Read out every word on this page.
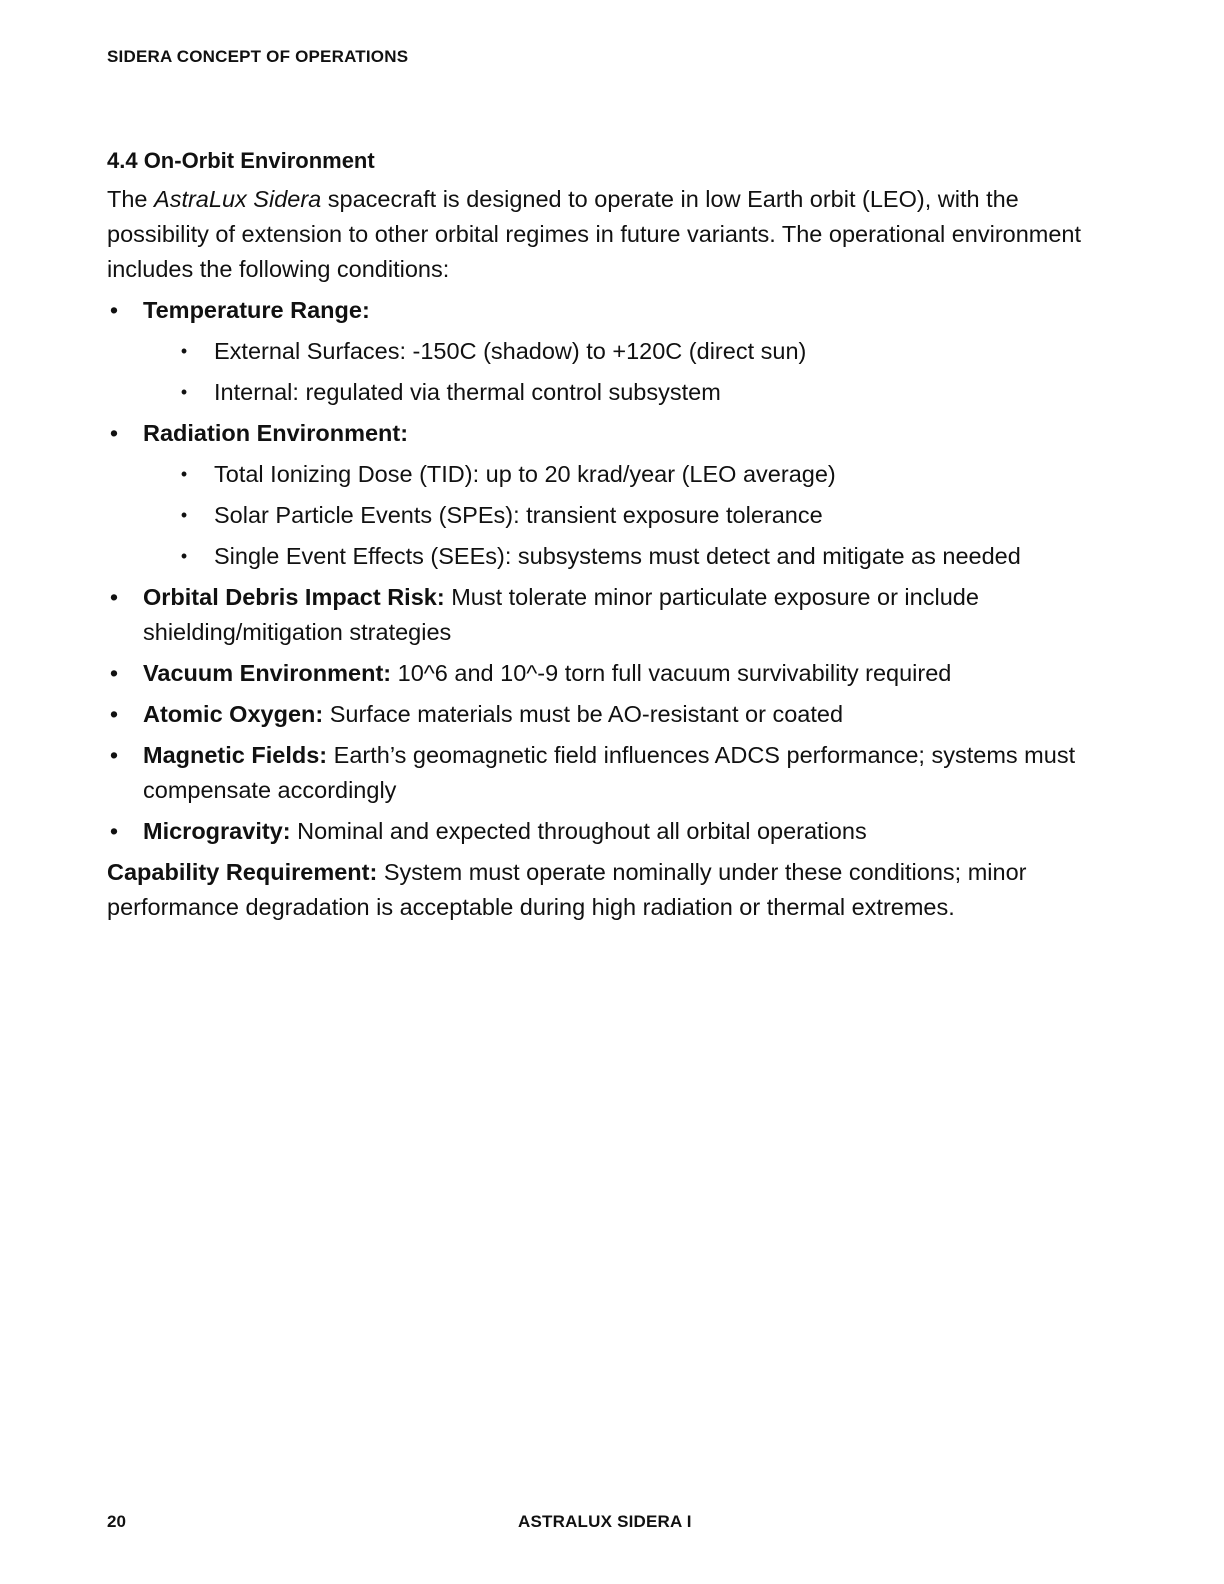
SIDERA CONCEPT OF OPERATIONS
4.4 On-Orbit Environment

The AstraLux Sidera spacecraft is designed to operate in low Earth orbit (LEO), with the possibility of extension to other orbital regimes in future variants. The operational environment includes the following conditions:

• Temperature Range:
• External Surfaces: -150C (shadow) to +120C (direct sun)
• Internal: regulated via thermal control subsystem
• Radiation Environment:
• Total Ionizing Dose (TID): up to 20 krad/year (LEO average)
• Solar Particle Events (SPEs): transient exposure tolerance
• Single Event Effects (SEEs): subsystems must detect and mitigate as needed
• Orbital Debris Impact Risk: Must tolerate minor particulate exposure or include shielding/mitigation strategies
• Vacuum Environment: 10^6 and 10^-9 torn full vacuum survivability required
• Atomic Oxygen: Surface materials must be AO-resistant or coated
• Magnetic Fields: Earth’s geomagnetic field influences ADCS performance; systems must compensate accordingly
• Microgravity: Nominal and expected throughout all orbital operations

Capability Requirement: System must operate nominally under these conditions; minor performance degradation is acceptable during high radiation or thermal extremes.

20	ASTRALUX SIDERA I
